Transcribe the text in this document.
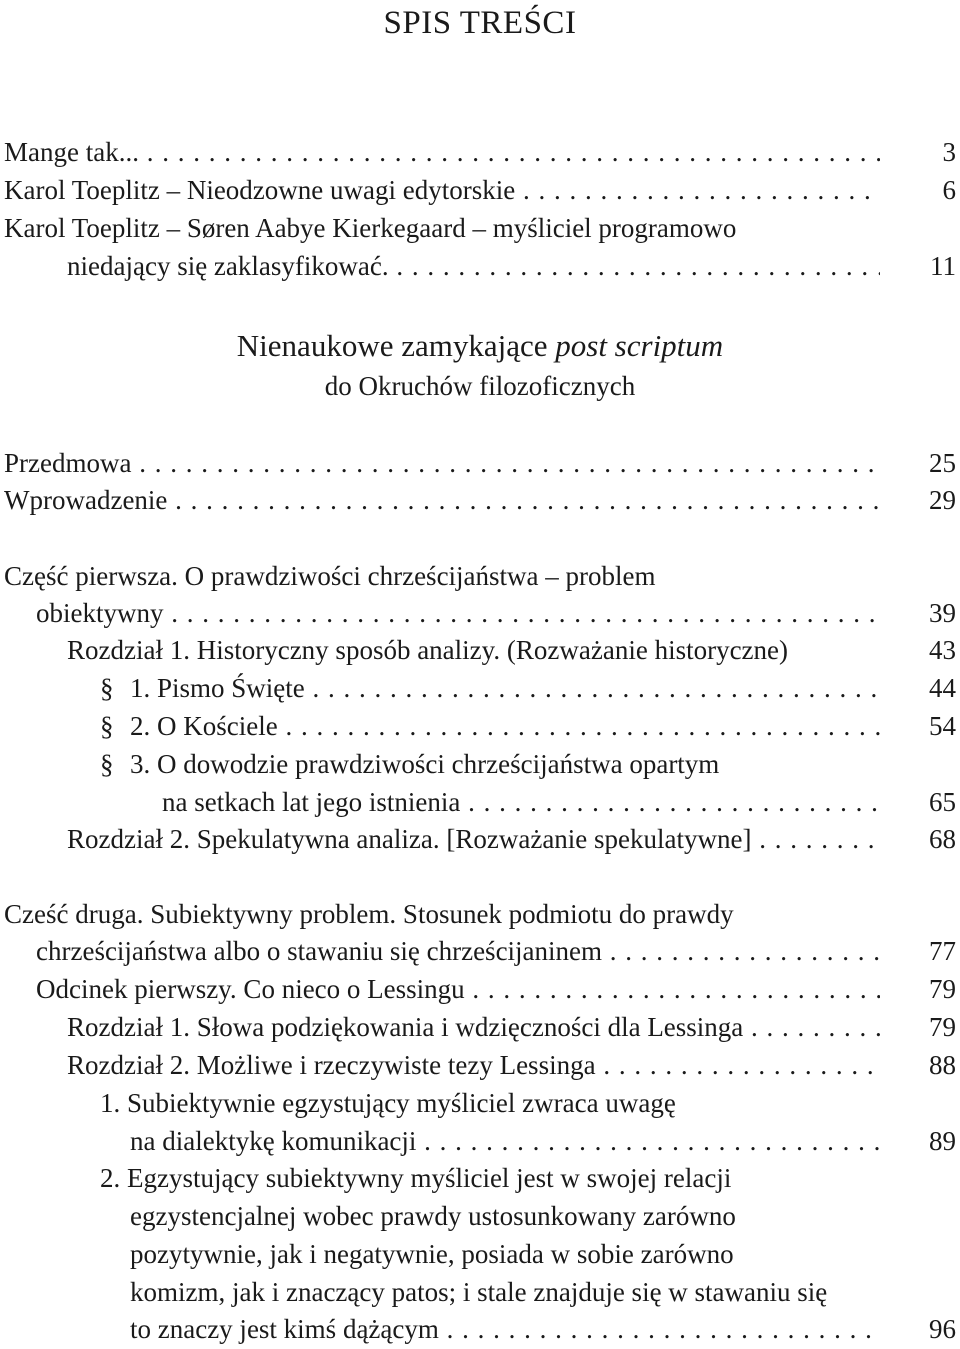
SPIS TREŚCI
Mange tak... . . .	3
Karol Toeplitz – Nieodzowne uwagi edytorskie . . .	6
Karol Toeplitz – Søren Aabye Kierkegaard – myśliciel programowo
niedający się zaklasyfikować. . . .	11
Nienaukowe zamykające post scriptum
do Okruchów filozoficznych
Przedmowa . . .	25
Wprowadzenie . . .	29
Część pierwsza. O prawdziwości chrześcijaństwa – problem
obiektywny . . .	39
Rozdział 1. Historyczny sposób analizy. (Rozważanie historyczne)	43
§ 1. Pismo Święte . . .	44
§ 2. O Kościele . . .	54
§ 3. O dowodzie prawdziwości chrześcijaństwa opartym
na setkach lat jego istnienia . . .	65
Rozdział 2. Spekulatywna analiza. [Rozważanie spekulatywne] . . .	68
Cześć druga. Subiektywny problem. Stosunek podmiotu do prawdy
chrześcijaństwa albo o stawaniu się chrześcijaninem . . .	77
Odcinek pierwszy. Co nieco o Lessingu . . .	79
Rozdział 1. Słowa podziękowania i wdzięczności dla Lessinga . . .	79
Rozdział 2. Możliwe i rzeczywiste tezy Lessinga . . .	88
1. Subiektywnie egzystujący myśliciel zwraca uwagę
na dialektykę komunikacji . . .	89
2. Egzystujący subiektywny myśliciel jest w swojej relacji
egzystencjalnej wobec prawdy ustosunkowany zarówno
pozytywnie, jak i negatywnie, posiada w sobie zarówno
komizm, jak i znaczący patos; i stale znajduje się w stawaniu się
to znaczy jest kimś dążącym . . .	96
